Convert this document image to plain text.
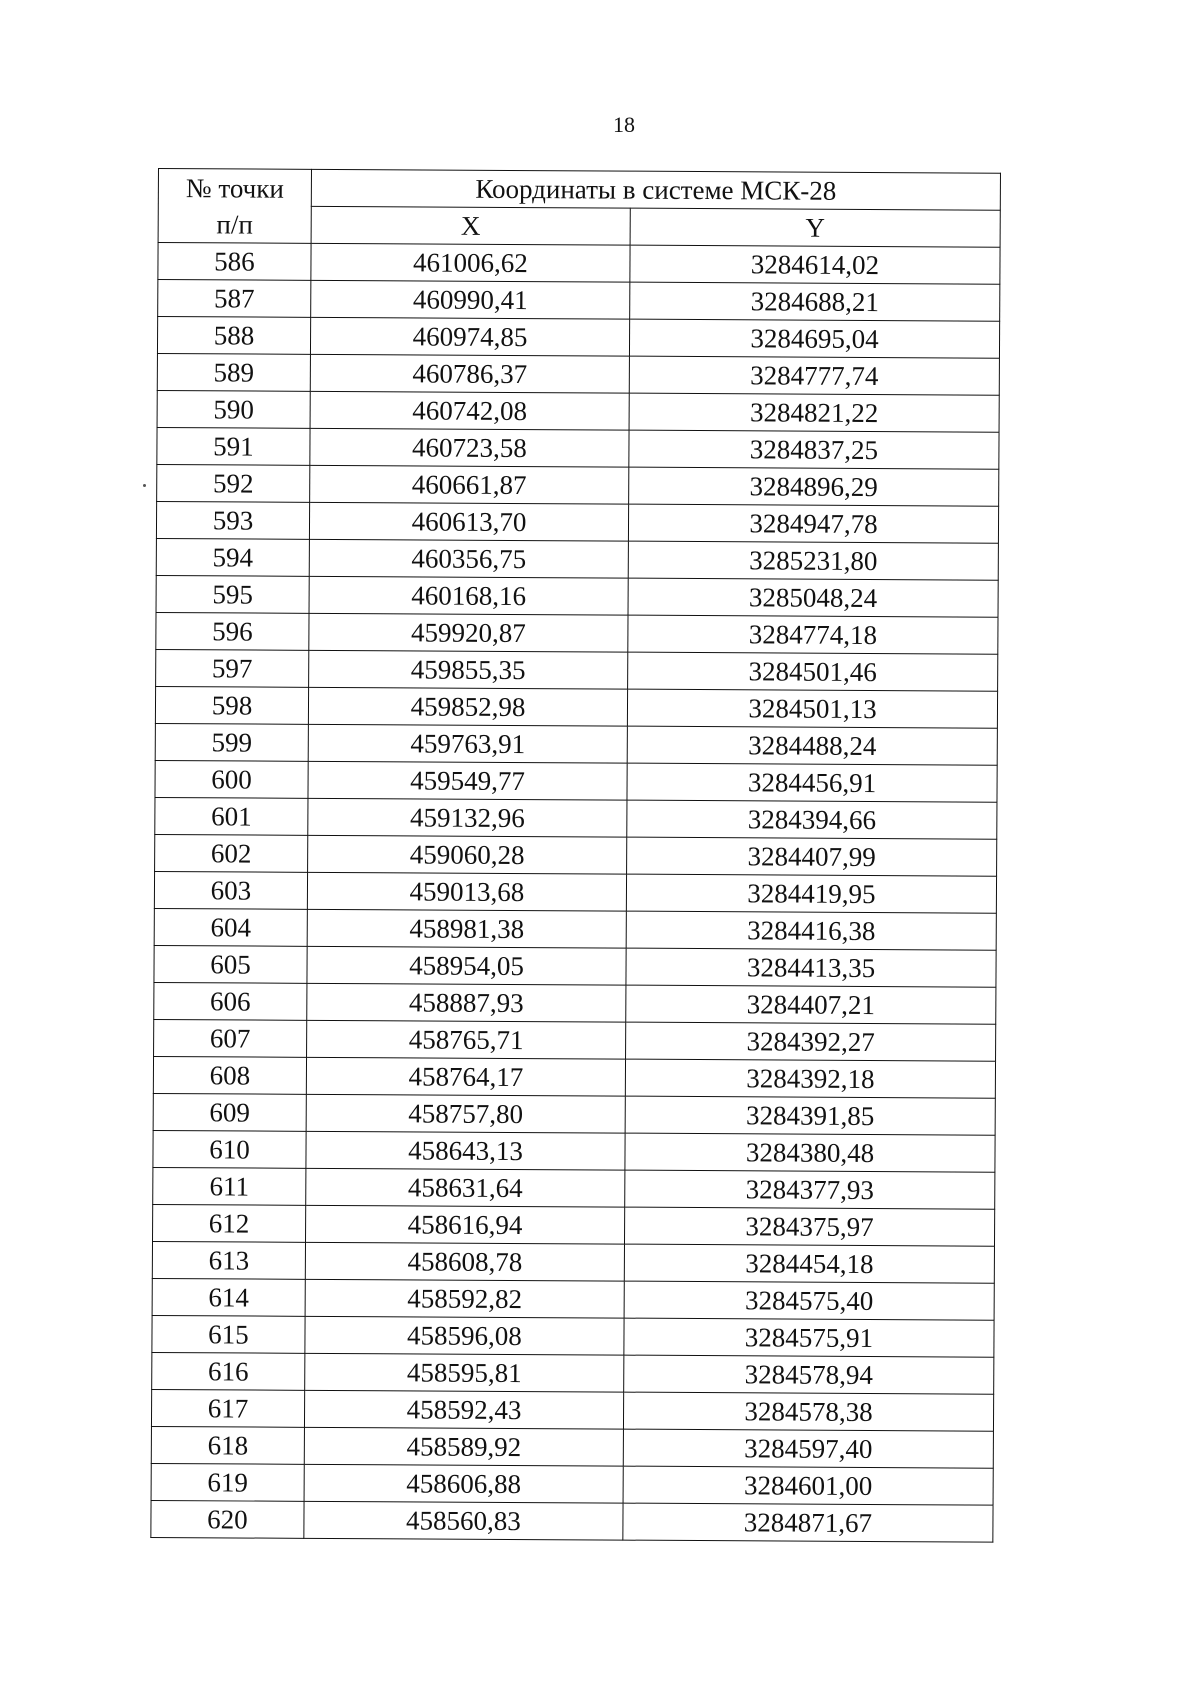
18
№ точки
п/п	Координаты в системе МСК-28	
	X	Y
586	461006,62	3284614,02
587	460990,41	3284688,21
588	460974,85	3284695,04
589	460786,37	3284777,74
590	460742,08	3284821,22
591	460723,58	3284837,25
592	460661,87	3284896,29
593	460613,70	3284947,78
594	460356,75	3285231,80
595	460168,16	3285048,24
596	459920,87	3284774,18
597	459855,35	3284501,46
598	459852,98	3284501,13
599	459763,91	3284488,24
600	459549,77	3284456,91
601	459132,96	3284394,66
602	459060,28	3284407,99
603	459013,68	3284419,95
604	458981,38	3284416,38
605	458954,05	3284413,35
606	458887,93	3284407,21
607	458765,71	3284392,27
608	458764,17	3284392,18
609	458757,80	3284391,85
610	458643,13	3284380,48
611	458631,64	3284377,93
612	458616,94	3284375,97
613	458608,78	3284454,18
614	458592,82	3284575,40
615	458596,08	3284575,91
616	458595,81	3284578,94
617	458592,43	3284578,38
618	458589,92	3284597,40
619	458606,88	3284601,00
620	458560,83	3284871,67
